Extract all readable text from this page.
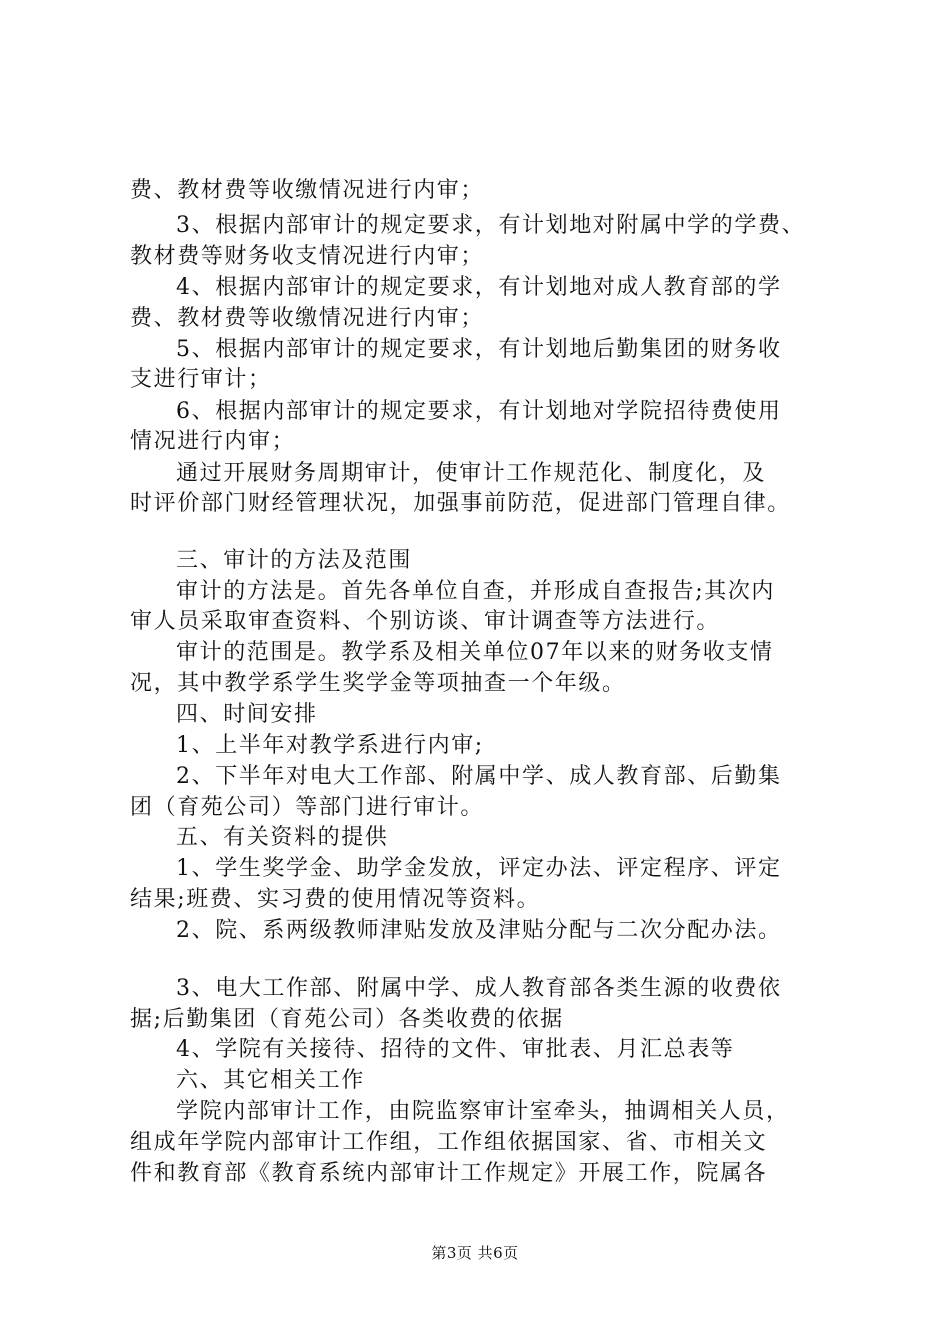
费、教材费等收缴情况进行内审；
3、根据内部审计的规定要求，有计划地对附属中学的学费、
教材费等财务收支情况进行内审；
4、根据内部审计的规定要求，有计划地对成人教育部的学
费、教材费等收缴情况进行内审；
5、根据内部审计的规定要求，有计划地后勤集团的财务收
支进行审计；
6、根据内部审计的规定要求，有计划地对学院招待费使用
情况进行内审；
通过开展财务周期审计，使审计工作规范化、制度化，及
时评价部门财经管理状况，加强事前防范，促进部门管理自律。
三、审计的方法及范围
审计的方法是。首先各单位自查，并形成自查报告;其次内
审人员采取审查资料、个别访谈、审计调查等方法进行。
审计的范围是。教学系及相关单位07年以来的财务收支情
况，其中教学系学生奖学金等项抽查一个年级。
四、时间安排
1、上半年对教学系进行内审;
2、下半年对电大工作部、附属中学、成人教育部、后勤集
团（育苑公司）等部门进行审计。
五、有关资料的提供
1、学生奖学金、助学金发放，评定办法、评定程序、评定
结果;班费、实习费的使用情况等资料。
2、院、系两级教师津贴发放及津贴分配与二次分配办法。
3、电大工作部、附属中学、成人教育部各类生源的收费依
据;后勤集团（育苑公司）各类收费的依据
4、学院有关接待、招待的文件、审批表、月汇总表等
六、其它相关工作
学院内部审计工作，由院监察审计室牵头，抽调相关人员，
组成年学院内部审计工作组，工作组依据国家、省、市相关文
件和教育部《教育系统内部审计工作规定》开展工作，院属各
第3页 共6页
